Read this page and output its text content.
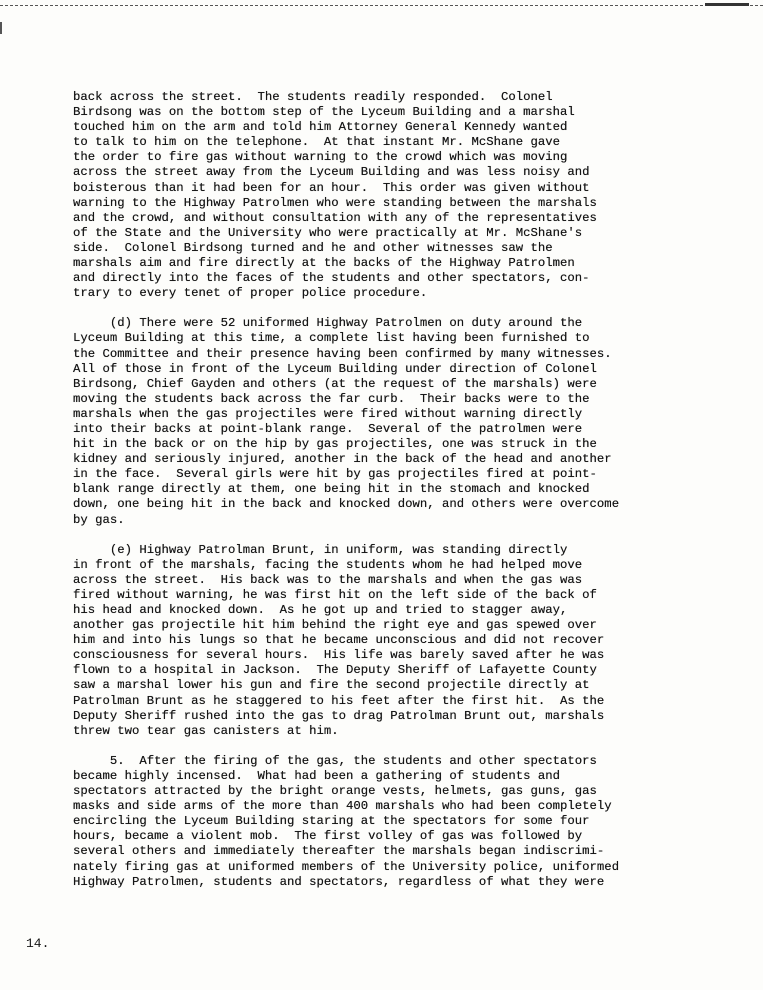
back across the street.  The students readily responded.  Colonel
Birdsong was on the bottom step of the Lyceum Building and a marshal
touched him on the arm and told him Attorney General Kennedy wanted
to talk to him on the telephone.  At that instant Mr. McShane gave
the order to fire gas without warning to the crowd which was moving
across the street away from the Lyceum Building and was less noisy and
boisterous than it had been for an hour.  This order was given without
warning to the Highway Patrolmen who were standing between the marshals
and the crowd, and without consultation with any of the representatives
of the State and the University who were practically at Mr. McShane's
side.  Colonel Birdsong turned and he and other witnesses saw the
marshals aim and fire directly at the backs of the Highway Patrolmen
and directly into the faces of the students and other spectators, con-
trary to every tenet of proper police procedure.
(d) There were 52 uniformed Highway Patrolmen on duty around the
Lyceum Building at this time, a complete list having been furnished to
the Committee and their presence having been confirmed by many witnesses.
All of those in front of the Lyceum Building under direction of Colonel
Birdsong, Chief Gayden and others (at the request of the marshals) were
moving the students back across the far curb.  Their backs were to the
marshals when the gas projectiles were fired without warning directly
into their backs at point-blank range.  Several of the patrolmen were
hit in the back or on the hip by gas projectiles, one was struck in the
kidney and seriously injured, another in the back of the head and another
in the face.  Several girls were hit by gas projectiles fired at point-
blank range directly at them, one being hit in the stomach and knocked
down, one being hit in the back and knocked down, and others were overcome
by gas.
(e) Highway Patrolman Brunt, in uniform, was standing directly
in front of the marshals, facing the students whom he had helped move
across the street.  His back was to the marshals and when the gas was
fired without warning, he was first hit on the left side of the back of
his head and knocked down.  As he got up and tried to stagger away,
another gas projectile hit him behind the right eye and gas spewed over
him and into his lungs so that he became unconscious and did not recover
consciousness for several hours.  His life was barely saved after he was
flown to a hospital in Jackson.  The Deputy Sheriff of Lafayette County
saw a marshal lower his gun and fire the second projectile directly at
Patrolman Brunt as he staggered to his feet after the first hit.  As the
Deputy Sheriff rushed into the gas to drag Patrolman Brunt out, marshals
threw two tear gas canisters at him.
5.  After the firing of the gas, the students and other spectators
became highly incensed.  What had been a gathering of students and
spectators attracted by the bright orange vests, helmets, gas guns, gas
masks and side arms of the more than 400 marshals who had been completely
encircling the Lyceum Building staring at the spectators for some four
hours, became a violent mob.  The first volley of gas was followed by
several others and immediately thereafter the marshals began indiscrimi-
nately firing gas at uniformed members of the University police, uniformed
Highway Patrolmen, students and spectators, regardless of what they were
14.
